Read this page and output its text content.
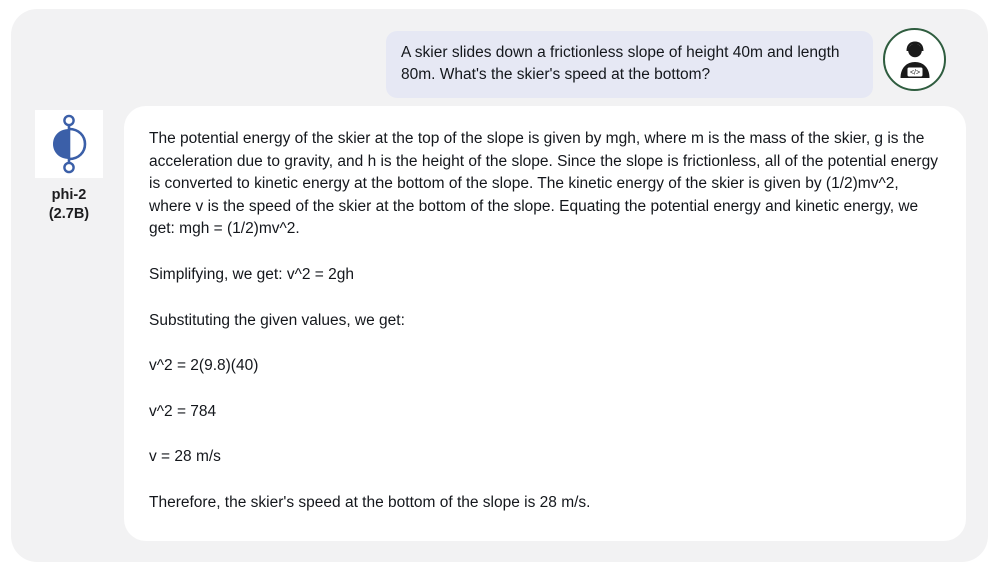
A skier slides down a frictionless slope of height 40m and length 80m. What's the skier's speed at the bottom?	</>
phi-2
(2.7B)

The potential energy of the skier at the top of the slope is given by mgh, where m is the mass of the skier, g is the acceleration due to gravity, and h is the height of the slope. Since the slope is frictionless, all of the potential energy is converted to kinetic energy at the bottom of the slope. The kinetic energy of the skier is given by (1/2)mv^2, where v is the speed of the skier at the bottom of the slope. Equating the potential energy and kinetic energy, we get: mgh = (1/2)mv^2.

Simplifying, we get: v^2 = 2gh

Substituting the given values, we get:

v^2 = 2(9.8)(40)

v^2 = 784

v = 28 m/s

Therefore, the skier's speed at the bottom of the slope is 28 m/s.
